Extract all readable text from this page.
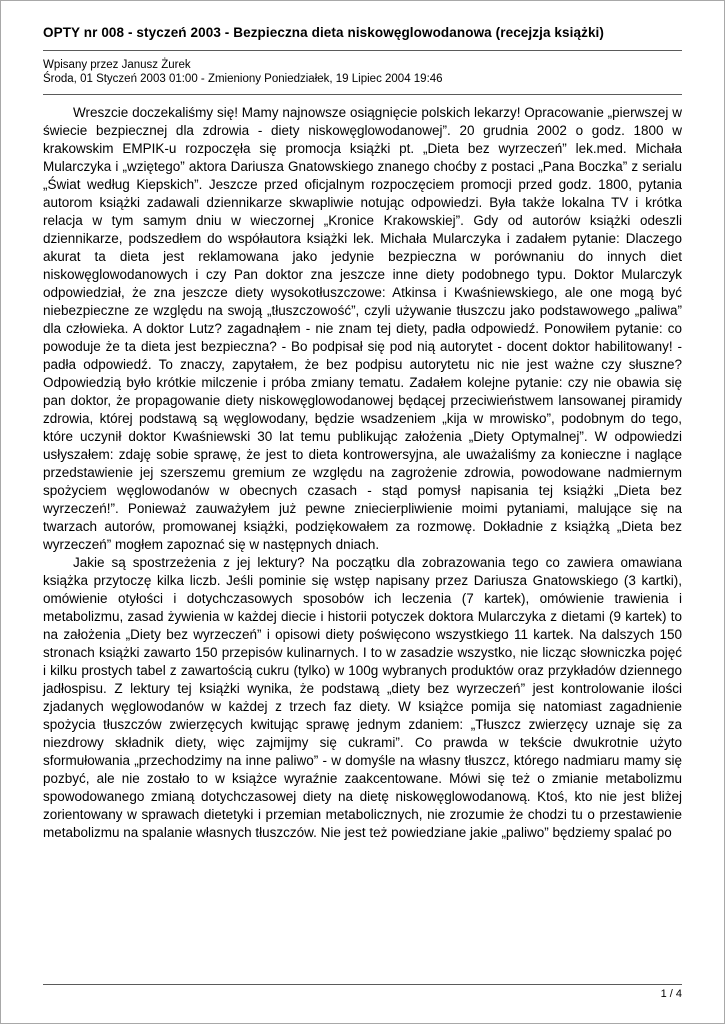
OPTY nr 008 - styczeń 2003 - Bezpieczna dieta niskowęglowodanowa (recejzja książki)
Wpisany przez Janusz Żurek
Środa, 01 Styczeń 2003 01:00 - Zmieniony Poniedziałek, 19 Lipiec 2004 19:46

Wreszcie doczekaliśmy się! Mamy najnowsze osiągnięcie polskich lekarzy! Opracowanie „pierwszej w świecie bezpiecznej dla zdrowia - diety niskowęglowodanowej”. 20 grudnia 2002 o godz. 1800 w krakowskim EMPIK-u rozpoczęła się promocja książki pt. „Dieta bez wyrzeczeń” lek.med. Michała Mularczyka i „wziętego” aktora Dariusza Gnatowskiego znanego choćby z postaci „Pana Boczka” z serialu „Świat według Kiepskich”. Jeszcze przed oficjalnym rozpoczęciem promocji przed godz. 1800, pytania autorom książki zadawali dziennikarze skwapliwie notując odpowiedzi. Była także lokalna TV i krótka relacja w tym samym dniu w wieczornej „Kronice Krakowskiej”. Gdy od autorów książki odeszli dziennikarze, podszedłem do współautora książki lek. Michała Mularczyka i zadałem pytanie: Dlaczego akurat ta dieta jest reklamowana jako jedynie bezpieczna w porównaniu do innych diet niskowęglowodanowych i czy Pan doktor zna jeszcze inne diety podobnego typu. Doktor Mularczyk odpowiedział, że zna jeszcze diety wysokotłuszczowe: Atkinsa i Kwaśniewskiego, ale one mogą być niebezpieczne ze względu na swoją „tłuszczowość”, czyli używanie tłuszczu jako podstawowego „paliwa” dla człowieka. A doktor Lutz? zagadnąłem - nie znam tej diety, padła odpowiedź. Ponowiłem pytanie: co powoduje że ta dieta jest bezpieczna? - Bo podpisał się pod nią autorytet - docent doktor habilitowany! - padła odpowiedź. To znaczy, zapytałem, że bez podpisu autorytetu nic nie jest ważne czy słuszne? Odpowiedzią było krótkie milczenie i próba zmiany tematu. Zadałem kolejne pytanie: czy nie obawia się pan doktor, że propagowanie diety niskowęglowodanowej będącej przeciwieństwem lansowanej piramidy zdrowia, której podstawą są węglowodany, będzie wsadzeniem „kija w mrowisko”, podobnym do tego, które uczynił doktor Kwaśniewski 30 lat temu publikując założenia „Diety Optymalnej”. W odpowiedzi usłyszałem: zdaję sobie sprawę, że jest to dieta kontrowersyjna, ale uważaliśmy za konieczne i naglące przedstawienie jej szerszemu gremium ze względu na zagrożenie zdrowia, powodowane nadmiernym spożyciem węglowodanów w obecnych czasach - stąd pomysł napisania tej książki „Dieta bez wyrzeczeń!”. Ponieważ zauważyłem już pewne zniecierpliwienie moimi pytaniami, malujące się na twarzach autorów, promowanej książki, podziękowałem za rozmowę. Dokładnie z książką „Dieta bez wyrzeczeń” mogłem zapoznać się w następnych dniach.

Jakie są spostrzeżenia z jej lektury? Na początku dla zobrazowania tego co zawiera omawiana książka przytoczę kilka liczb. Jeśli pominie się wstęp napisany przez Dariusza Gnatowskiego (3 kartki), omówienie otyłości i dotychczasowych sposobów ich leczenia (7 kartek), omówienie trawienia i metabolizmu, zasad żywienia w każdej diecie i historii potyczek doktora Mularczyka z dietami (9 kartek) to na założenia „Diety bez wyrzeczeń” i opisowi diety poświęcono wszystkiego 11 kartek. Na dalszych 150 stronach książki zawarto 150 przepisów kulinarnych. I to w zasadzie wszystko, nie licząc słowniczka pojęć i kilku prostych tabel z zawartością cukru (tylko) w 100g wybranych produktów oraz przykładów dziennego jadłospisu. Z lektury tej książki wynika, że podstawą „diety bez wyrzeczeń” jest kontrolowanie ilości zjadanych węglowodanów w każdej z trzech faz diety. W książce pomija się natomiast zagadnienie spożycia tłuszczów zwierzęcych kwitując sprawę jednym zdaniem: „Tłuszcz zwierzęcy uznaje się za niezdrowy składnik diety, więc zajmijmy się cukrami”. Co prawda w tekście dwukrotnie użyto sformułowania „przechodzimy na inne paliwo” - w domyśle na własny tłuszcz, którego nadmiaru mamy się pozbyć, ale nie zostało to w książce wyraźnie zaakcentowane. Mówi się też o zmianie metabolizmu spowodowanego zmianą dotychczasowej diety na dietę niskowęglowodanową. Ktoś, kto nie jest bliżej zorientowany w sprawach dietetyki i przemian metabolicznych, nie zrozumie że chodzi tu o przestawienie metabolizmu na spalanie własnych tłuszczów. Nie jest też powiedziane jakie „paliwo” będziemy spalać po

1 / 4
